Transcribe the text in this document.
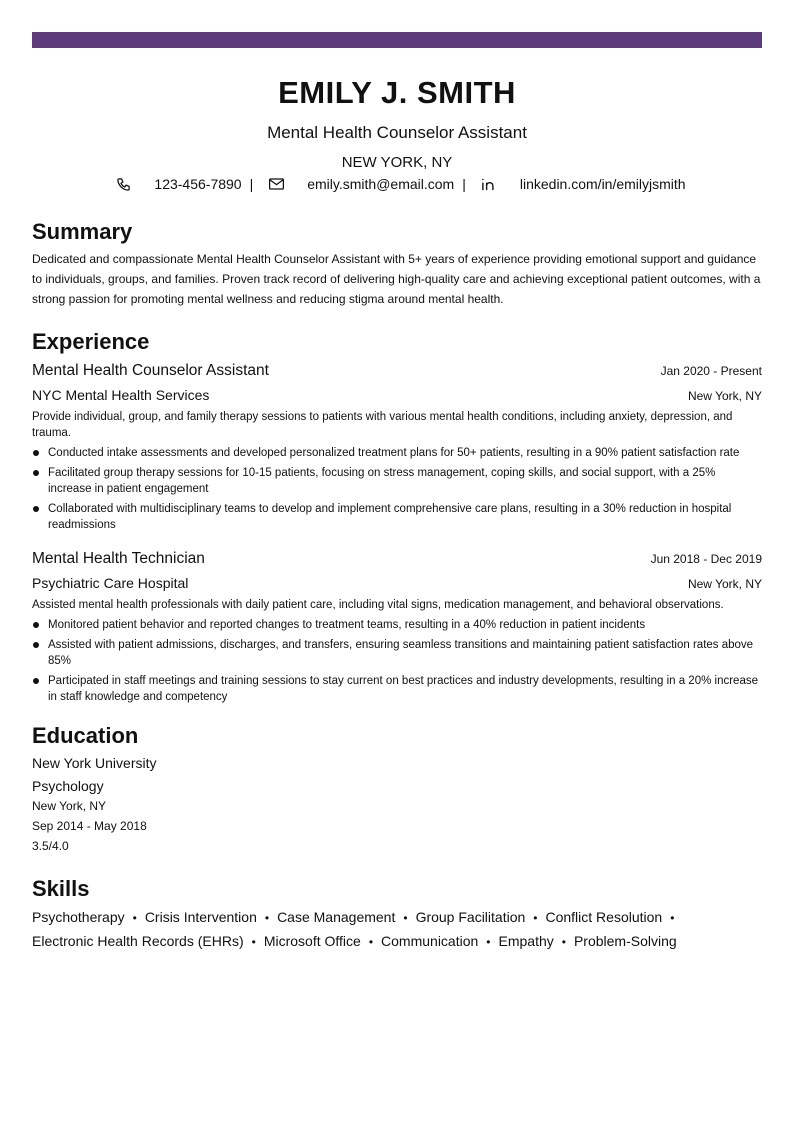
EMILY J. SMITH
Mental Health Counselor Assistant
NEW YORK, NY
123-456-7890 |	emily.smith@email.com |	linkedin.com/in/emilyjsmith
Summary
Dedicated and compassionate Mental Health Counselor Assistant with 5+ years of experience providing emotional support and guidance to individuals, groups, and families. Proven track record of delivering high-quality care and achieving exceptional patient outcomes, with a strong passion for promoting mental wellness and reducing stigma around mental health.
Experience
Mental Health Counselor Assistant	Jan 2020 - Present
NYC Mental Health Services	New York, NY
Provide individual, group, and family therapy sessions to patients with various mental health conditions, including anxiety, depression, and trauma.
Conducted intake assessments and developed personalized treatment plans for 50+ patients, resulting in a 90% patient satisfaction rate
Facilitated group therapy sessions for 10-15 patients, focusing on stress management, coping skills, and social support, with a 25% increase in patient engagement
Collaborated with multidisciplinary teams to develop and implement comprehensive care plans, resulting in a 30% reduction in hospital readmissions
Mental Health Technician	Jun 2018 - Dec 2019
Psychiatric Care Hospital	New York, NY
Assisted mental health professionals with daily patient care, including vital signs, medication management, and behavioral observations.
Monitored patient behavior and reported changes to treatment teams, resulting in a 40% reduction in patient incidents
Assisted with patient admissions, discharges, and transfers, ensuring seamless transitions and maintaining patient satisfaction rates above 85%
Participated in staff meetings and training sessions to stay current on best practices and industry developments, resulting in a 20% increase in staff knowledge and competency
Education
New York University
Psychology
New York, NY
Sep 2014 - May 2018
3.5/4.0
Skills
Psychotherapy • Crisis Intervention • Case Management • Group Facilitation • Conflict Resolution •
Electronic Health Records (EHRs) • Microsoft Office • Communication • Empathy • Problem-Solving
